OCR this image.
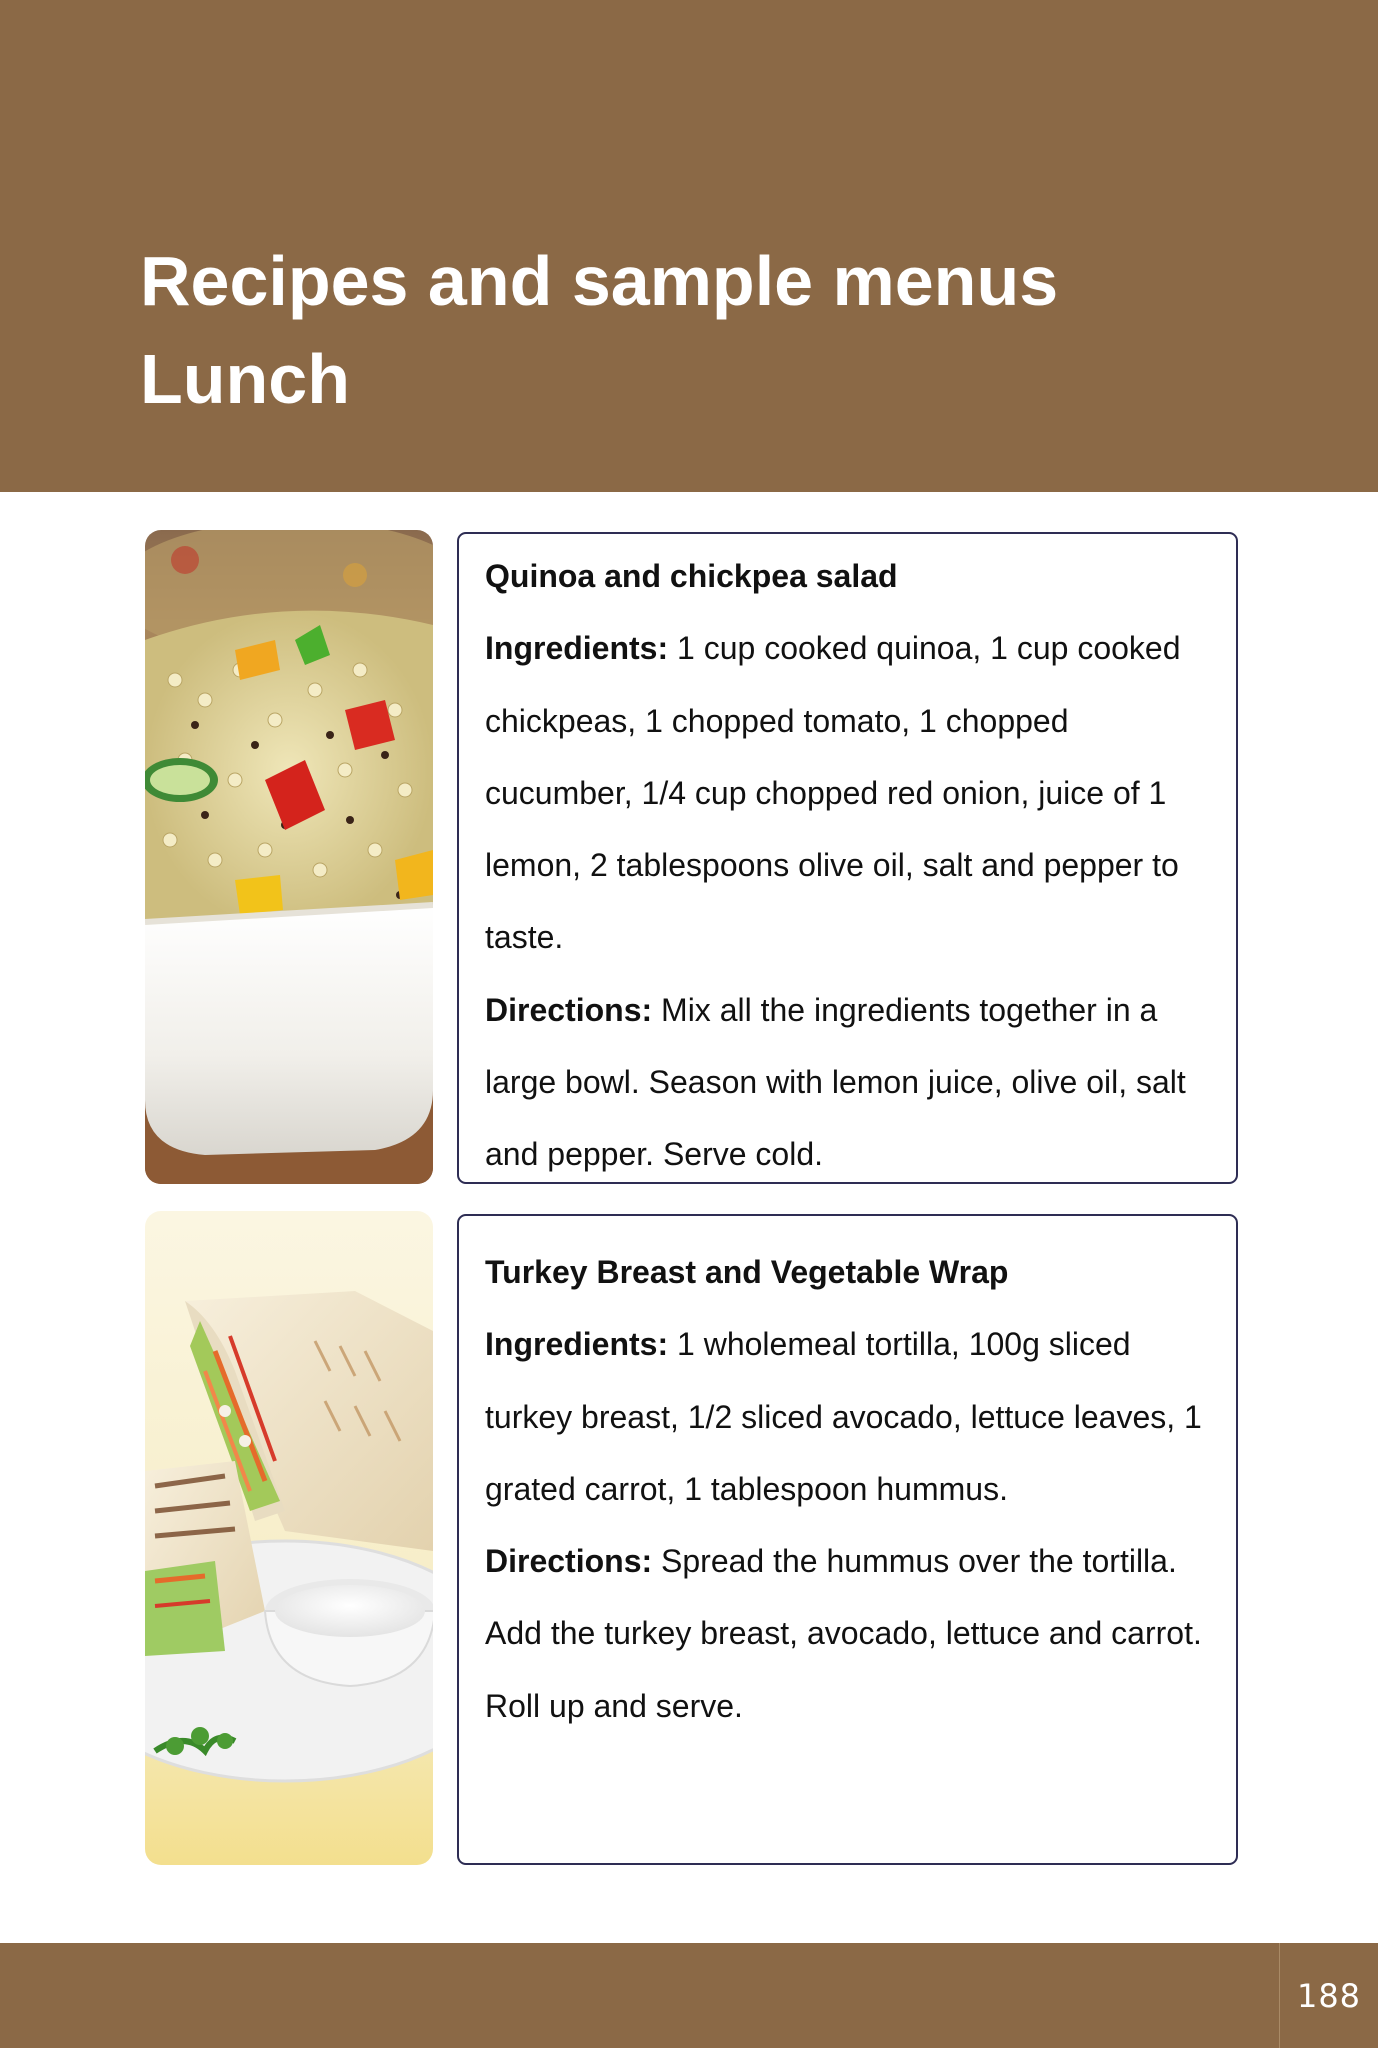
Recipes and sample menus
Lunch

Quinoa and chickpea salad

Ingredients: 1 cup cooked quinoa, 1 cup cooked chickpeas, 1 chopped tomato, 1 chopped cucumber, 1/4 cup chopped red onion, juice of 1 lemon, 2 tablespoons olive oil, salt and pepper to taste.

Directions: Mix all the ingredients together in a large bowl. Season with lemon juice, olive oil, salt and pepper. Serve cold.

Turkey Breast and Vegetable Wrap

Ingredients: 1 wholemeal tortilla, 100g sliced turkey breast, 1/2 sliced avocado, lettuce leaves, 1 grated carrot, 1 tablespoon hummus.

Directions: Spread the hummus over the tortilla. Add the turkey breast, avocado, lettuce and carrot. Roll up and serve.

188
